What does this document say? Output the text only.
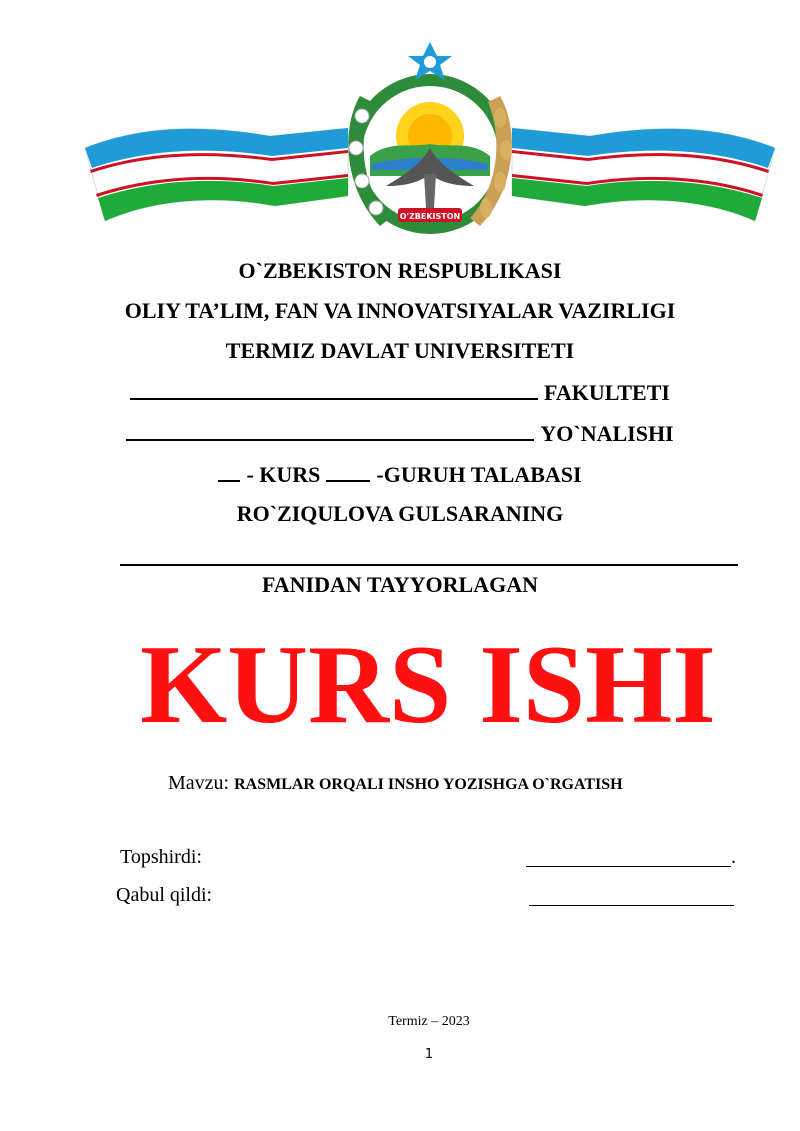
O'ZBEKISTON
O`ZBEKISTON RESPUBLIKASI
OLIY TA’LIM, FAN VA INNOVATSIYALAR VAZIRLIGI
TERMIZ DAVLAT UNIVERSITETI
FAKULTETI
YO`NALISHI
- KURS	-GURUH TALABASI
RO`ZIQULOVA GULSARANING
FANIDAN TAYYORLAGAN
KURS ISHI
Mavzu: RASMLAR ORQALI INSHO YOZISHGA O`RGATISH
Topshirdi:	.
Qabul qildi:
Termiz – 2023
1
